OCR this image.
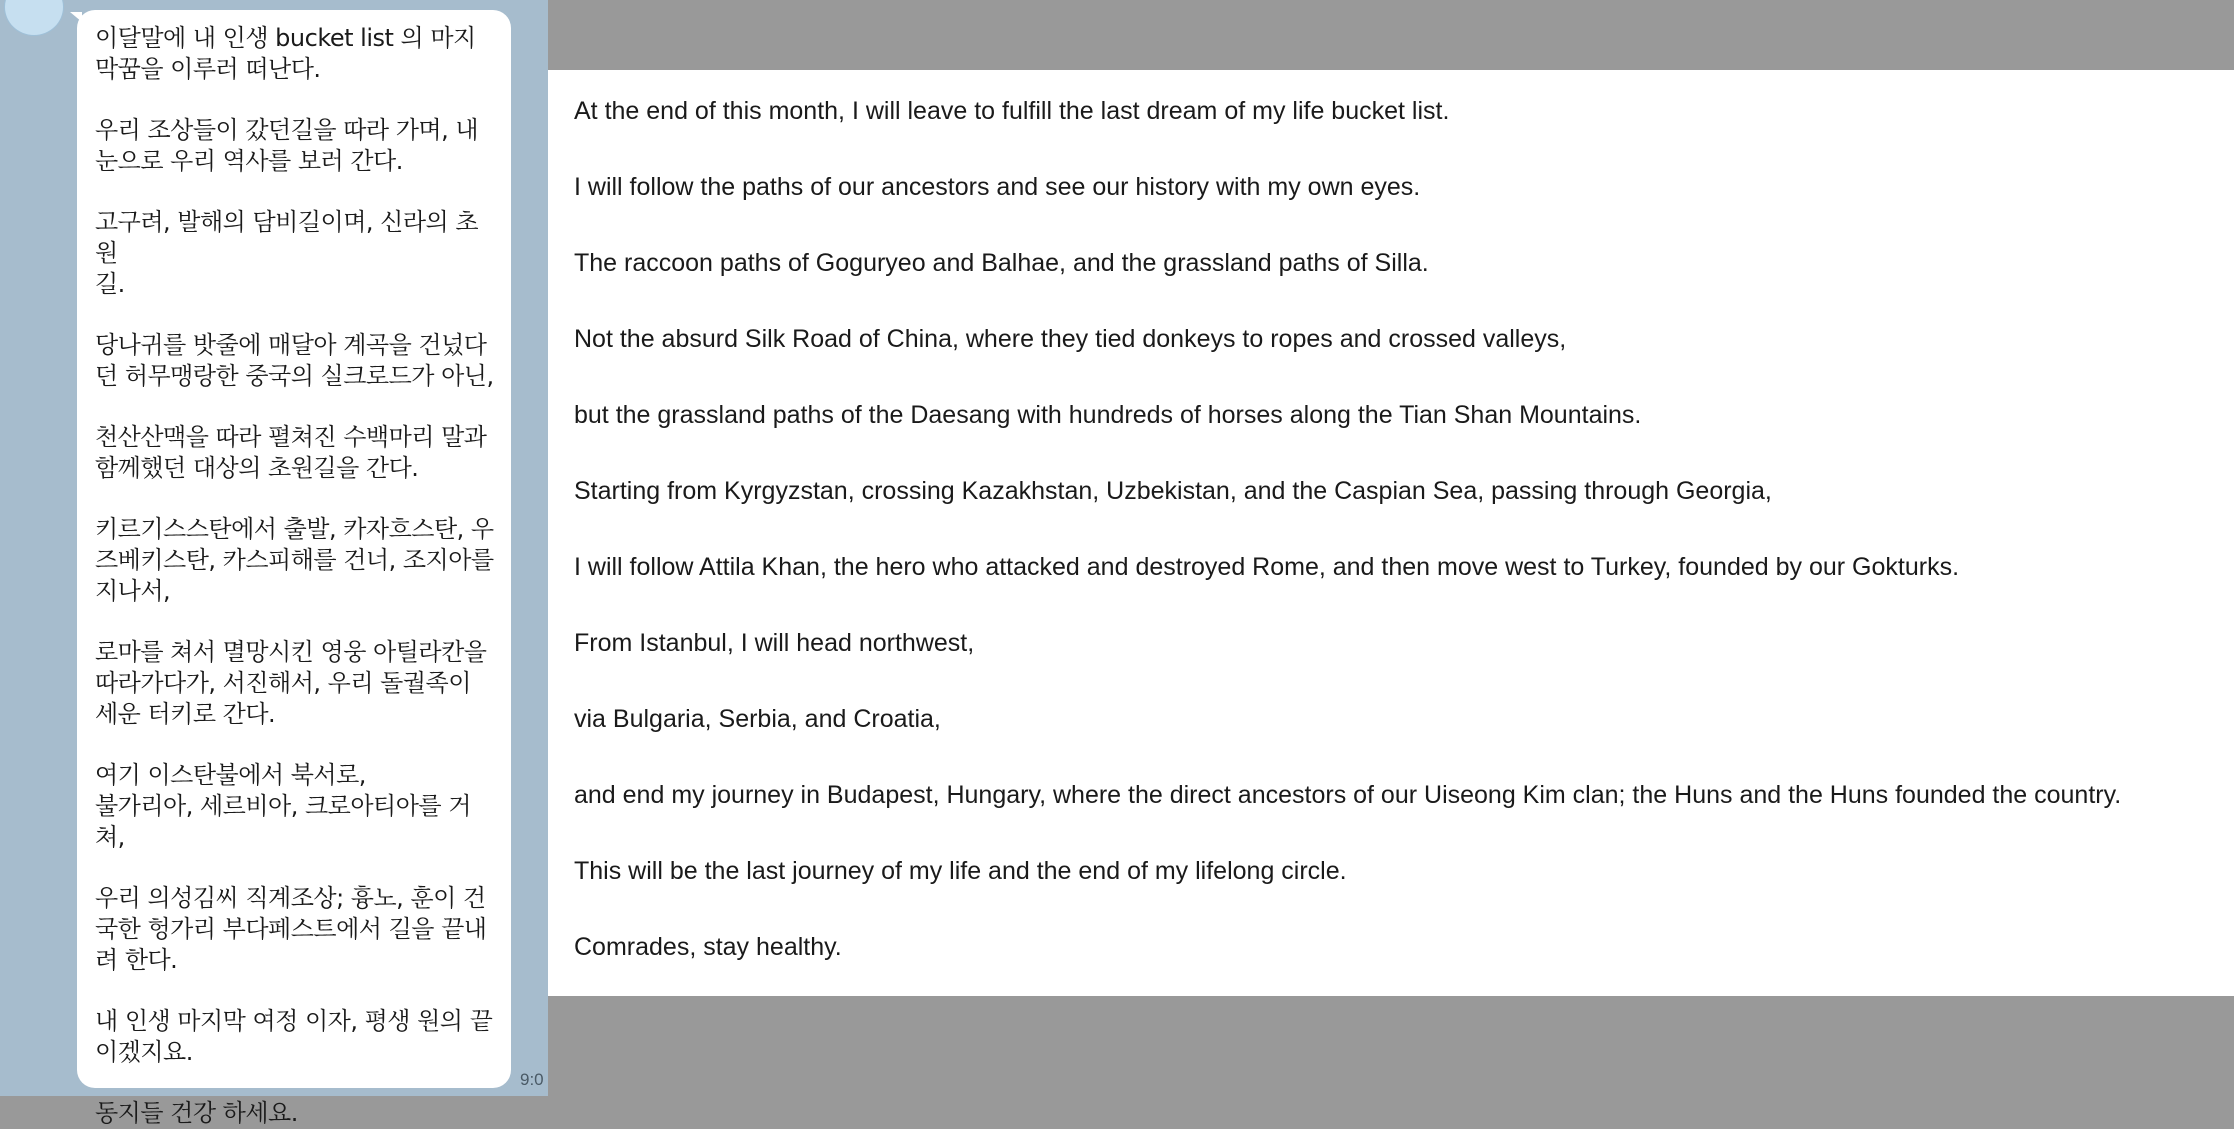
이달말에 내 인생 bucket list 의 마지
막꿈을 이루러 떠난다.

우리 조상들이 갔던길을 따라 가며, 내
눈으로 우리 역사를 보러 간다.

고구려, 발해의 담비길이며, 신라의 초원
길.

당나귀를 밧줄에 매달아 계곡을 건넜다
던 허무맹랑한 중국의 실크로드가 아닌,

천산산맥을 따라 펼쳐진 수백마리 말과
함께했던 대상의 초원길을 간다.

키르기스스탄에서 출발, 카자흐스탄, 우
즈베키스탄, 카스피해를 건너, 조지아를
지나서,

로마를 쳐서 멸망시킨 영웅 아틸라칸을
따라가다가, 서진해서, 우리 돌궐족이
세운 터키로 간다.

여기 이스탄불에서 북서로,
불가리아, 세르비아, 크로아티아를 거쳐,

우리 의성김씨 직계조상; 흉노, 훈이 건
국한 헝가리 부다페스트에서 길을 끝내
려 한다.

내 인생 마지막 여정 이자, 평생 원의 끝
이겠지요.

동지들 건강 하세요.

9:0

At the end of this month, I will leave to fulfill the last dream of my life bucket list.

I will follow the paths of our ancestors and see our history with my own eyes.

The raccoon paths of Goguryeo and Balhae, and the grassland paths of Silla.

Not the absurd Silk Road of China, where they tied donkeys to ropes and crossed valleys,

but the grassland paths of the Daesang with hundreds of horses along the Tian Shan Mountains.

Starting from Kyrgyzstan, crossing Kazakhstan, Uzbekistan, and the Caspian Sea, passing through Georgia,

I will follow Attila Khan, the hero who attacked and destroyed Rome, and then move west to Turkey, founded by our Gokturks.

From Istanbul, I will head northwest,

via Bulgaria, Serbia, and Croatia,

and end my journey in Budapest, Hungary, where the direct ancestors of our Uiseong Kim clan; the Huns and the Huns founded the country.

This will be the last journey of my life and the end of my lifelong circle.

Comrades, stay healthy.
